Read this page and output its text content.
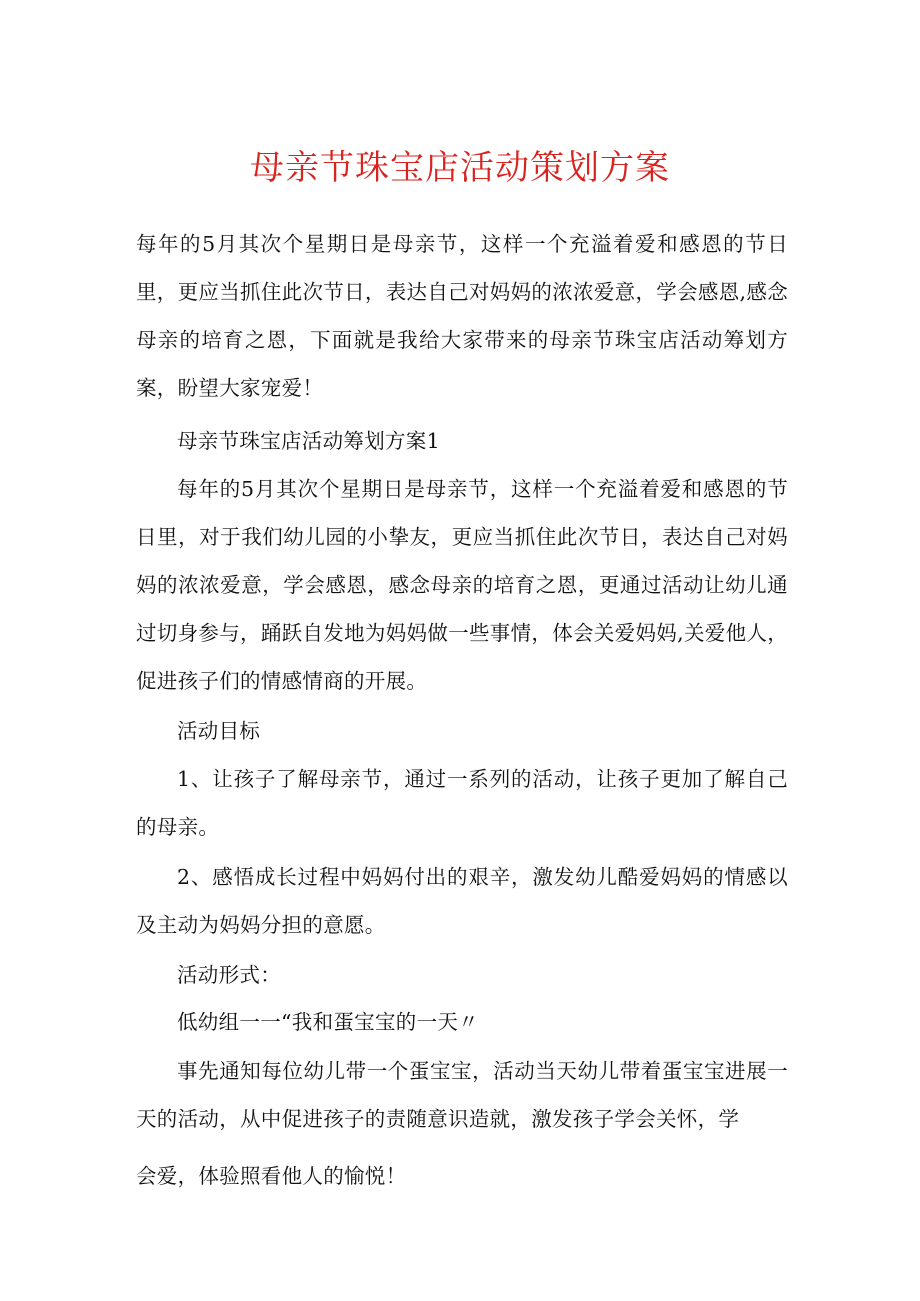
母亲节珠宝店活动策划方案

每年的5月其次个星期日是母亲节，这样一个充溢着爱和感恩的节日里，更应当抓住此次节日，表达自己对妈妈的浓浓爱意，学会感恩,感念母亲的培育之恩，下面就是我给大家带来的母亲节珠宝店活动筹划方案，盼望大家宠爱！

母亲节珠宝店活动筹划方案1

每年的5月其次个星期日是母亲节，这样一个充溢着爱和感恩的节日里，对于我们幼儿园的小挚友，更应当抓住此次节日，表达自己对妈妈的浓浓爱意，学会感恩，感念母亲的培育之恩，更通过活动让幼儿通过切身参与，踊跃自发地为妈妈做一些事情，体会关爱妈妈,关爱他人，促进孩子们的情感情商的开展。

活动目标

1、让孩子了解母亲节，通过一系列的活动，让孩子更加了解自己的母亲。

2、感悟成长过程中妈妈付出的艰辛，激发幼儿酷爱妈妈的情感以及主动为妈妈分担的意愿。

活动形式：
低幼组一一“我和蛋宝宝的一天〃

事先通知每位幼儿带一个蛋宝宝，活动当天幼儿带着蛋宝宝进展一天的活动，从中促进孩子的责随意识造就，激发孩子学会关怀，学

会爱，体验照看他人的愉悦！
